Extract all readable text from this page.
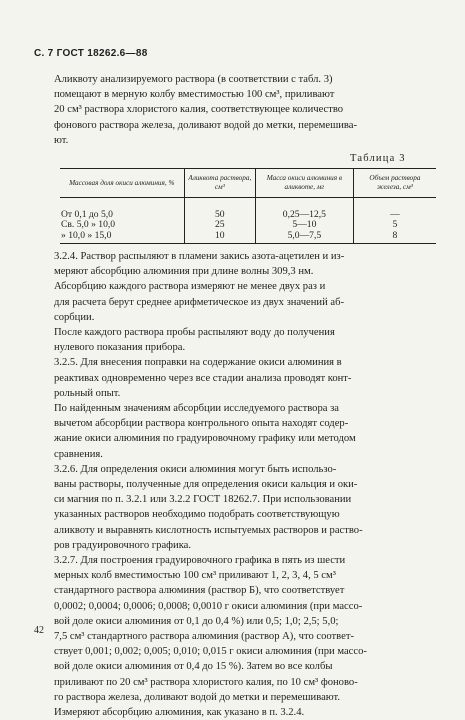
С. 7 ГОСТ 18262.6—88

Аликвоту анализируемого раствора (в соответствии с табл. 3)
помещают в мерную колбу вместимостью 100 см³, приливают
20 см³ раствора хлористого калия, соответствующее количество
фонового раствора железа, доливают водой до метки, перемешива-
ют.

Таблица 3
Массовая доля окиси алюминия, %	Аликвота раствора, см³	Масса окиси алюминия в аликвоте, мг	Объем раствора железа, см³
От 0,1 до 5,0	50	0,25—12,5	—
Св. 5,0 » 10,0	25	5—10	5
» 10,0 » 15,0	10	5,0—7,5	8

3.2.4. Раствор распыляют в пламени закись азота-ацетилен и из-
меряют абсорбцию алюминия при длине волны 309,3 нм.

Абсорбцию каждого раствора измеряют не менее двух раз и
для расчета берут среднее арифметическое из двух значений аб-
сорбции.

После каждого раствора пробы распыляют воду до получения
нулевого показания прибора.

3.2.5. Для внесения поправки на содержание окиси алюминия в
реактивах одновременно через все стадии анализа проводят конт-
рольный опыт.

По найденным значениям абсорбции исследуемого раствора за
вычетом абсорбции раствора контрольного опыта находят содер-
жание окиси алюминия по градуировочному графику или методом
сравнения.

3.2.6. Для определения окиси алюминия могут быть использо-
ваны растворы, полученные для определения окиси кальция и оки-
си магния по п. 3.2.1 или 3.2.2 ГОСТ 18262.7. При использовании
указанных растворов необходимо подобрать соответствующую
аликвоту и выравнять кислотность испытуемых растворов и раство-
ров градуировочного графика.

3.2.7. Для построения градуировочного графика в пять из шести
мерных колб вместимостью 100 см³ приливают 1, 2, 3, 4, 5 см³
стандартного раствора алюминия (раствор Б), что соответствует
0,0002; 0,0004; 0,0006; 0,0008; 0,0010 г окиси алюминия (при массо-
вой доле окиси алюминия от 0,1 до 0,4 %) или 0,5; 1,0; 2,5; 5,0;
7,5 см³ стандартного раствора алюминия (раствор А), что соответ-
ствует 0,001; 0,002; 0,005; 0,010; 0,015 г окиси алюминия (при массо-
вой доле окиси алюминия от 0,4 до 15 %). Затем во все колбы
приливают по 20 см³ раствора хлористого калия, по 10 см³ фоново-
го раствора железа, доливают водой до метки и перемешивают.
Измеряют абсорбцию алюминия, как указано в п. 3.2.4.

42
